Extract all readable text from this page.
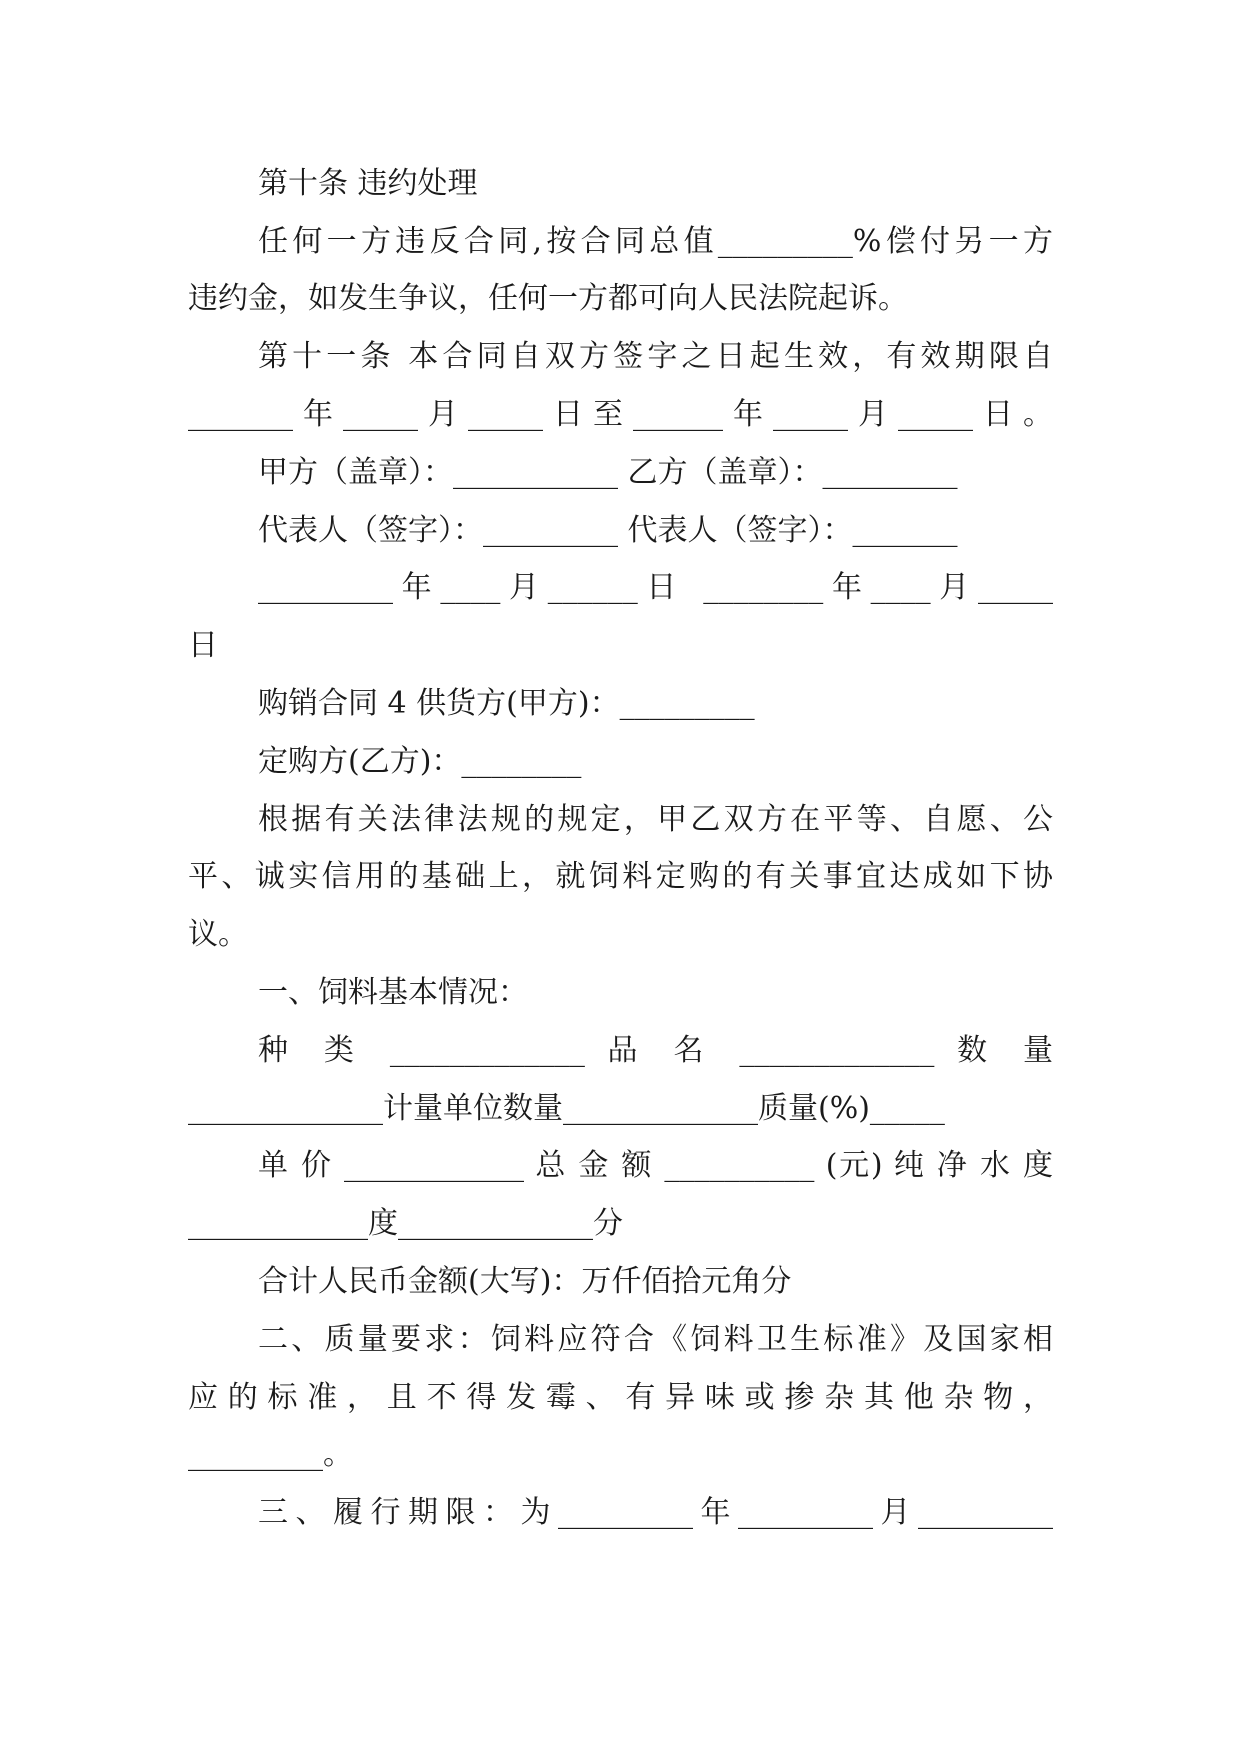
第十条 违约处理
任何一方违反合同,按合同总值_________%偿付另一方
违约金，如发生争议，任何一方都可向人民法院起诉。
第十一条 本合同自双方签字之日起生效，有效期限自
_______年_____月_____日至______年_____月_____日。
甲方（盖章）：___________ 乙方（盖章）：_________
代表人（签字）：_________ 代表人（签字）：_______
_________年____月______日 ________年____月_____
日
购销合同 4 供货方(甲方)：_________
定购方(乙方)：________
根据有关法律法规的规定，甲乙双方在平等、自愿、公
平、诚实信用的基础上，就饲料定购的有关事宜达成如下协
议。
一、饲料基本情况：
种 类 _____________ 品 名 _____________ 数 量
_____________计量单位数量_____________质量(%)_____
单 价 ____________ 总 金 额 __________ (元) 纯 净 水 度
____________度_____________分
合计人民币金额(大写)：万仟佰拾元角分
二、质量要求：饲料应符合《饲料卫生标准》及国家相
应 的 标 准 ， 且 不 得 发 霉 、 有 异 味 或 掺 杂 其 他 杂 物 ，
_________。
三、履行期限：为_________年_________月_________
